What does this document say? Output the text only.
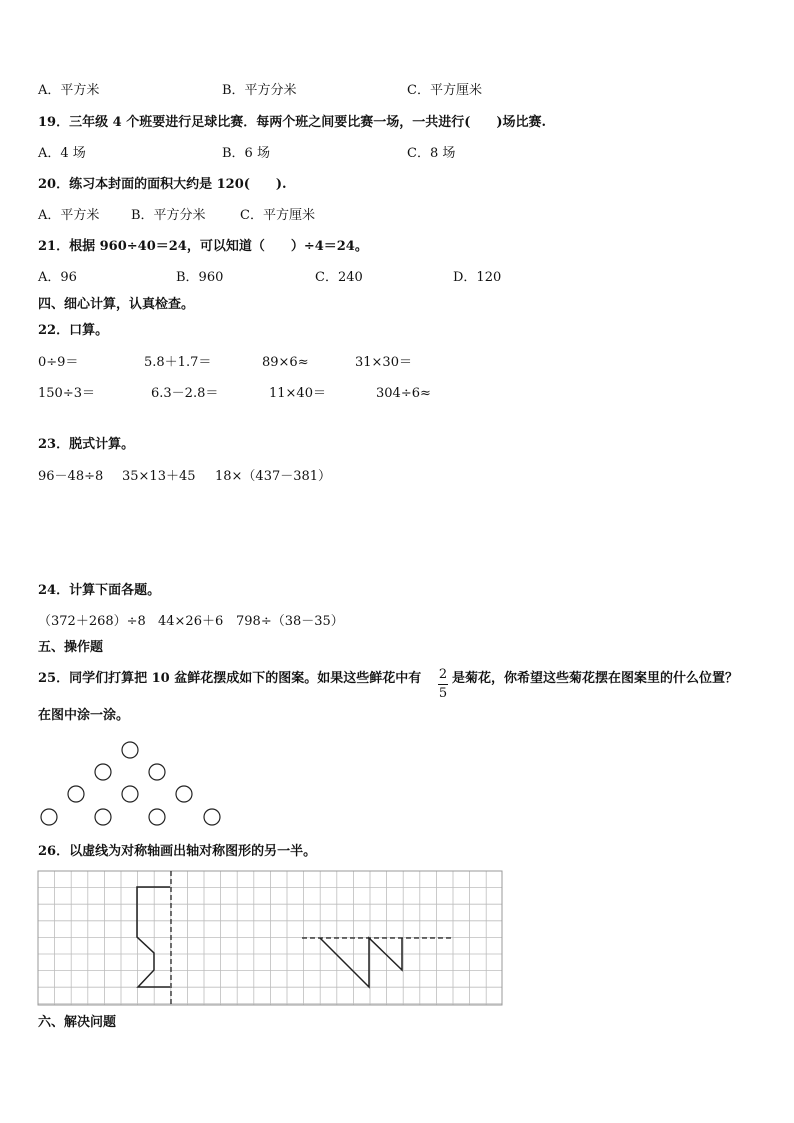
A．平方米	B．平方分米	C．平方厘米
19．三年级 4 个班要进行足球比赛．每两个班之间要比赛一场，一共进行(　　)场比赛.
A．4 场	B．6 场	C．8 场
20．练习本封面的面积大约是 120(　　).
A．平方米 B．平方分米	C．平方厘米
21．根据 960÷40＝24，可以知道（　　）÷4＝24。
A．96	B．960	C．240	D．120
四、细心计算，认真检查。
22．口算。
0÷9＝	5.8＋1.7＝	89×6≈	31×30＝
150÷3＝	6.3－2.8＝	11×40＝	304÷6≈
23．脱式计算。
96－48÷8 35×13＋45 18×（437－381）
24．计算下面各题。
（372＋268）÷8 44×26＋6 798÷（38－35）
五、操作题
25．同学们打算把 10 盆鲜花摆成如下的图案。如果这些鲜花中有 2
5
是菊花，你希望这些菊花摆在图案里的什么位置？
在图中涂一涂。
26．以虚线为对称轴画出轴对称图形的另一半。
六、解决问题
